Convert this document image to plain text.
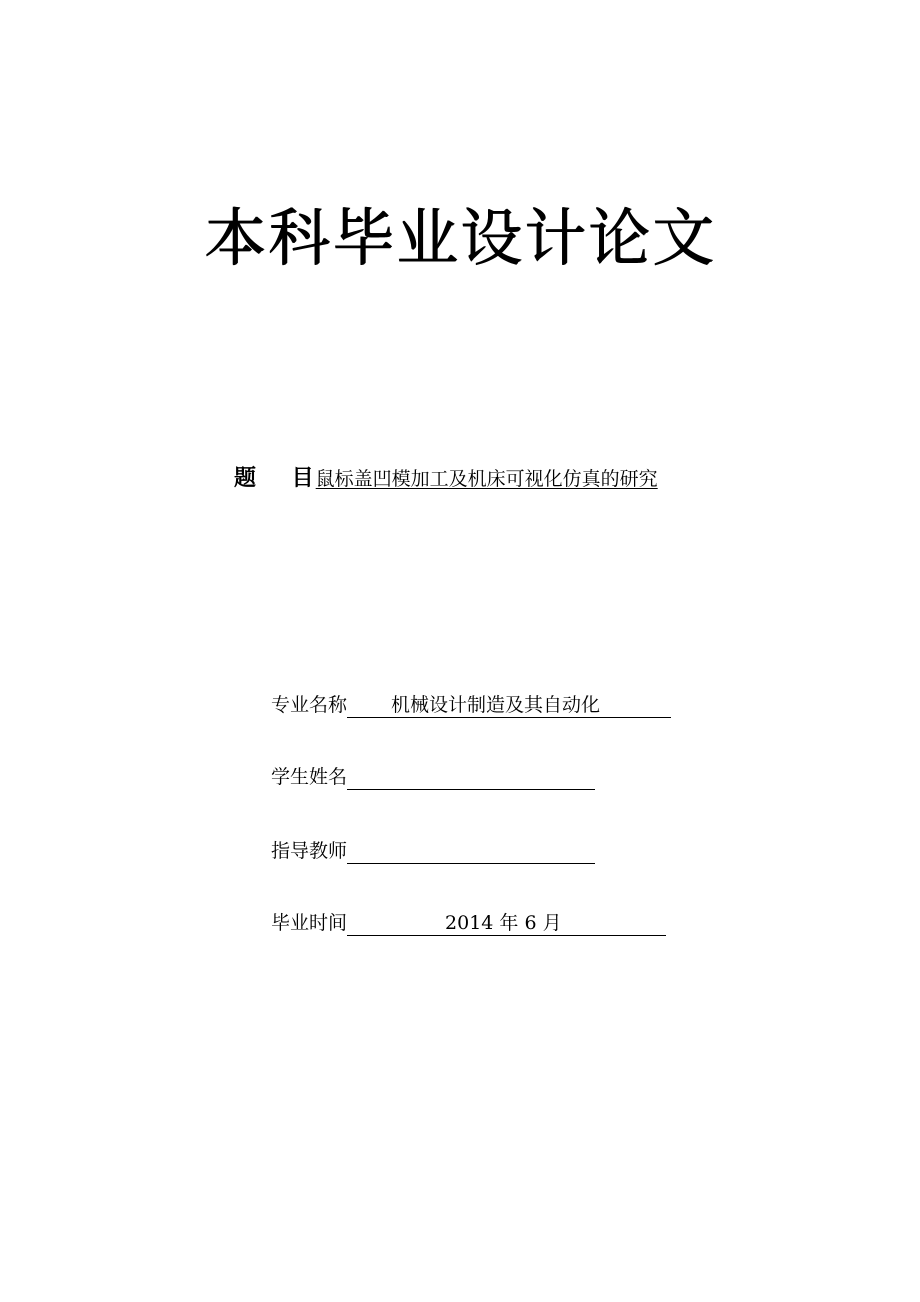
本科毕业设计论文
题 目
鼠标盖凹模加工及机床可视化仿真的研究
专业名称	机械设计制造及其自动化
学生姓名
指导教师
毕业时间	2014 年 6 月
